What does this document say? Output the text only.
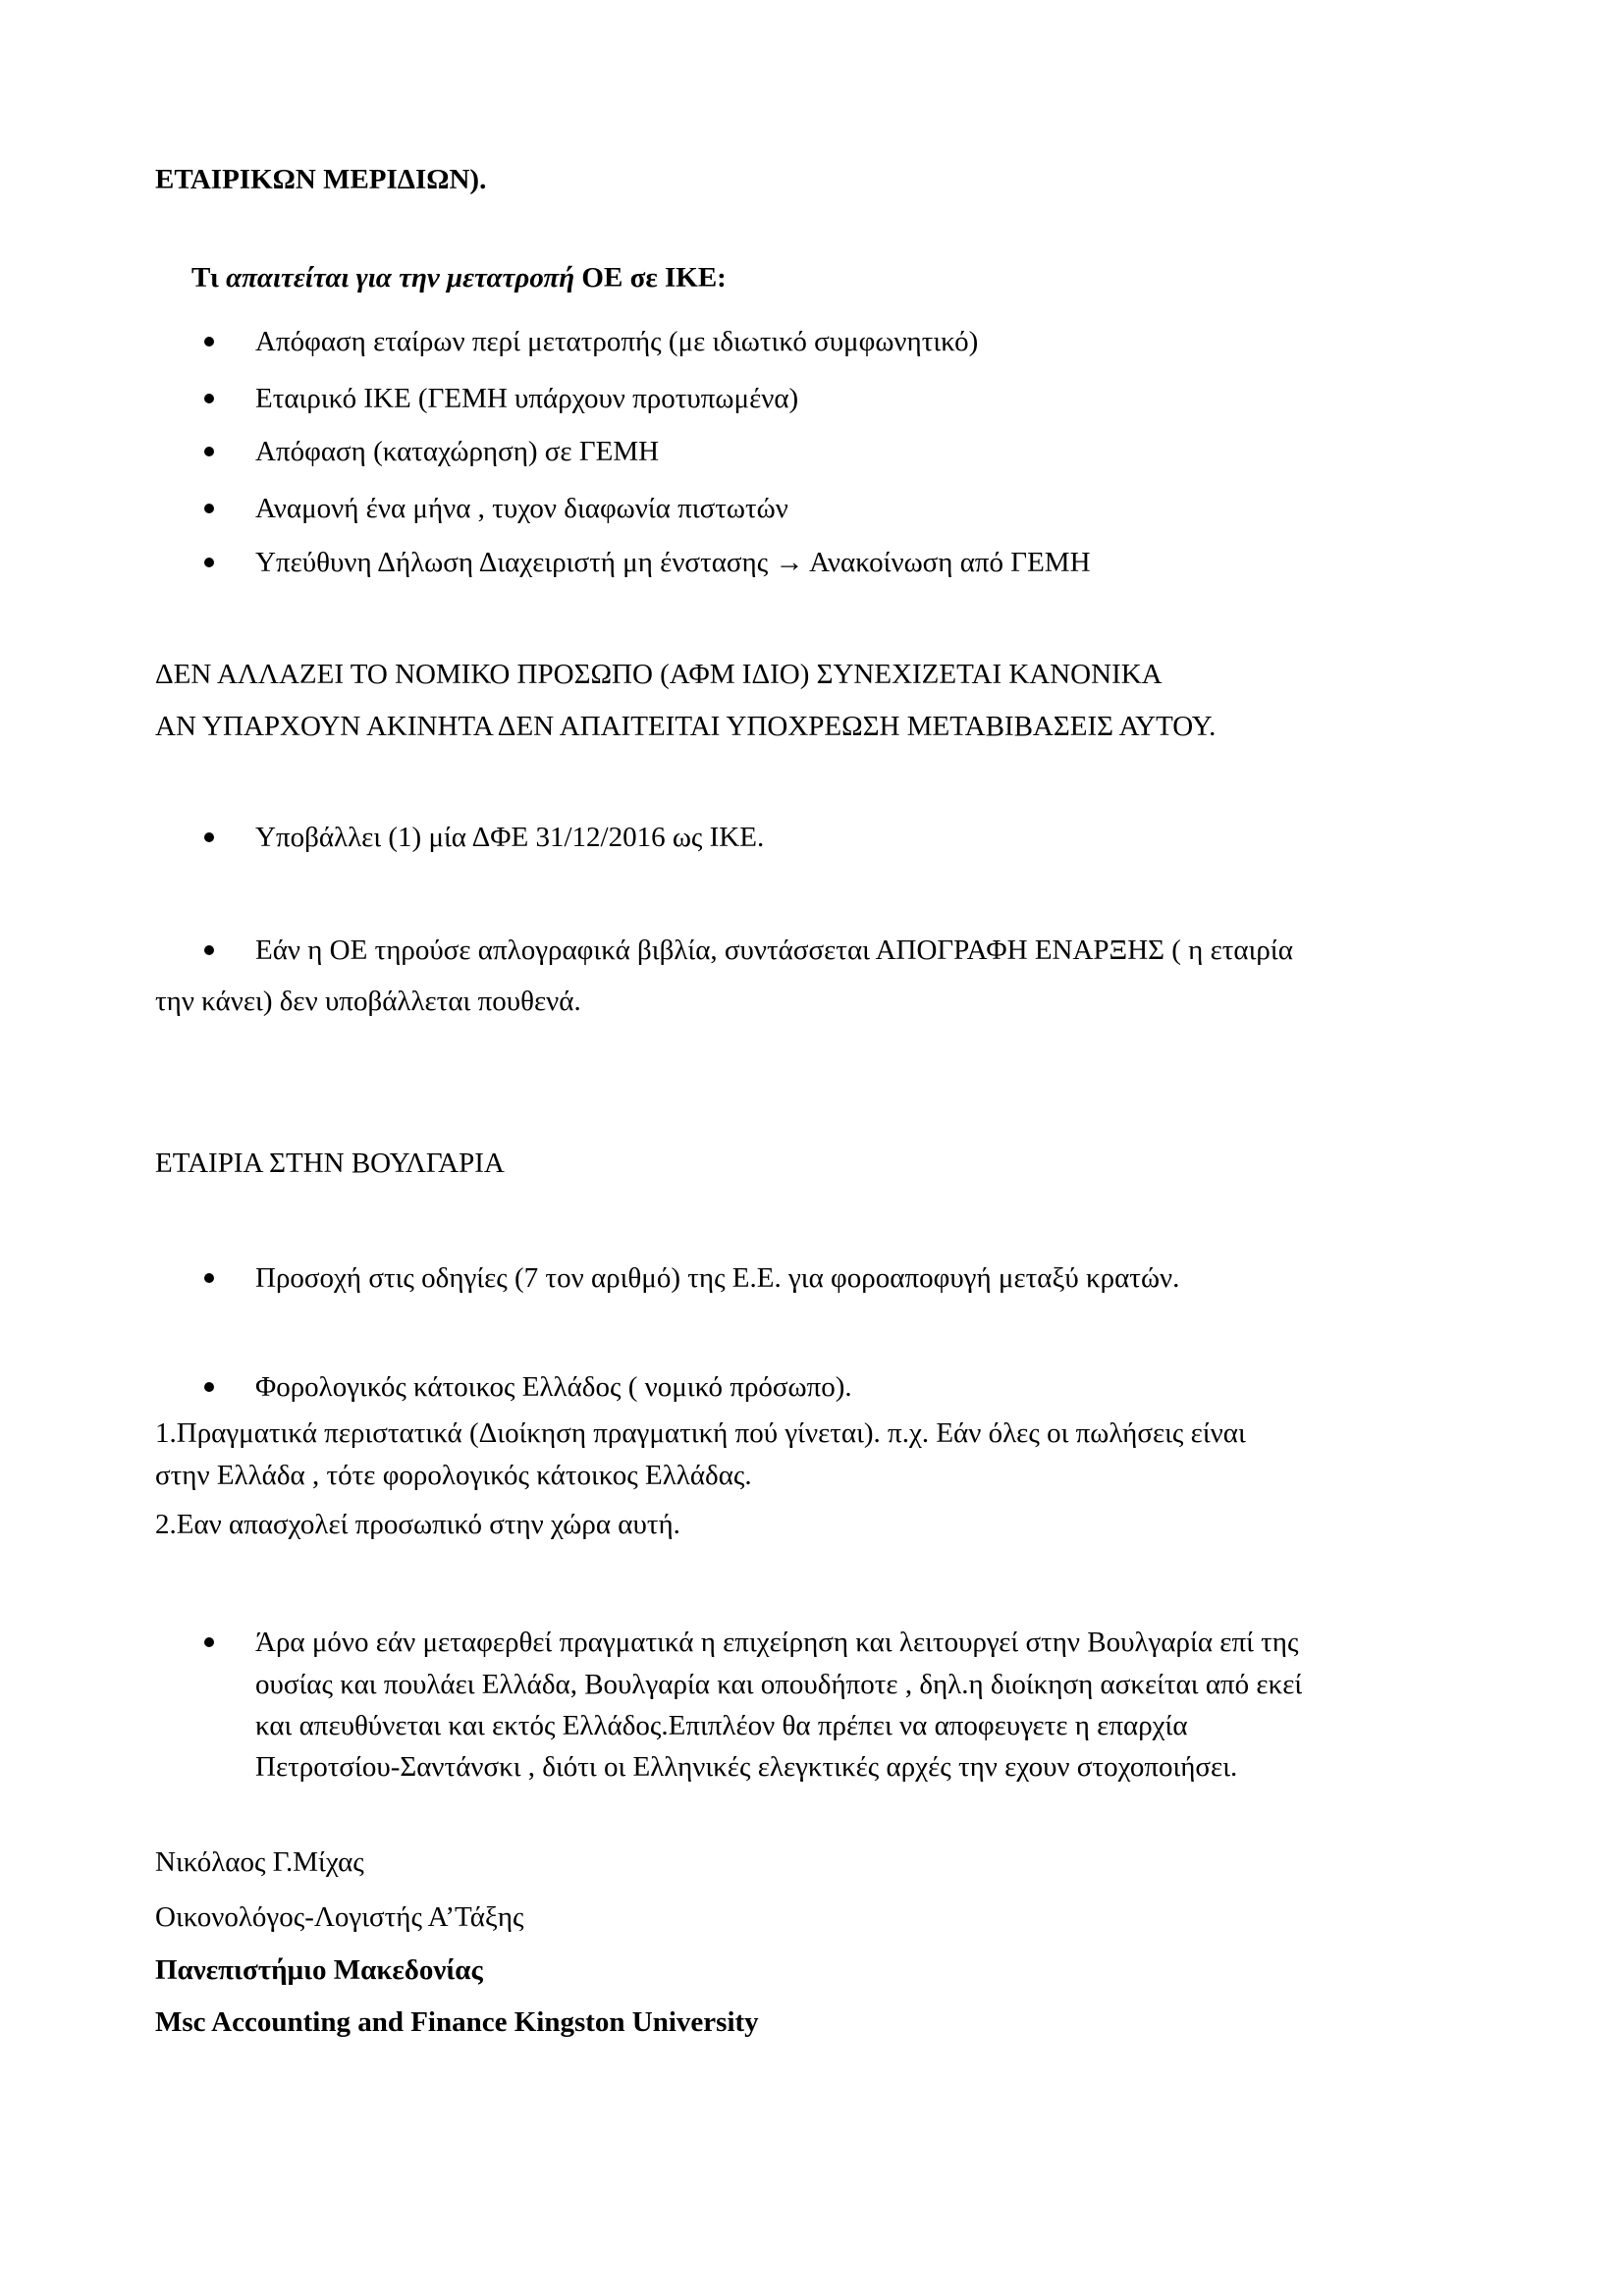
ΕΤΑΙΡΙΚΩΝ ΜΕΡΙΔΙΩΝ).
Τι απαιτείται για την μετατροπή ΟΕ σε ΙΚΕ:
Απόφαση εταίρων περί μετατροπής (με ιδιωτικό συμφωνητικό)
Εταιρικό ΙΚΕ (ΓΕΜΗ υπάρχουν προτυπωμένα)
Απόφαση (καταχώρηση) σε ΓΕΜΗ
Αναμονή ένα μήνα , τυχον διαφωνία πιστωτών
Υπεύθυνη Δήλωση Διαχειριστή μη ένστασης → Ανακοίνωση από ΓΕΜΗ
ΔΕΝ ΑΛΛΑΖΕΙ ΤΟ ΝΟΜΙΚΟ ΠΡΟΣΩΠΟ (ΑΦΜ ΙΔΙΟ) ΣΥΝΕΧΙΖΕΤΑΙ ΚΑΝΟΝΙΚΑ
ΑΝ ΥΠΑΡΧΟΥΝ ΑΚΙΝΗΤΑ ΔΕΝ ΑΠΑΙΤΕΙΤΑΙ ΥΠΟΧΡΕΩΣΗ ΜΕΤΑΒΙΒΑΣΕΙΣ ΑΥΤΟΥ.
Υποβάλλει (1) μία ΔΦΕ 31/12/2016 ως ΙΚΕ.
Εάν η ΟΕ τηρούσε απλογραφικά βιβλία, συντάσσεται ΑΠΟΓΡΑΦΗ ΕΝΑΡΞΗΣ ( η εταιρία
την κάνει) δεν υποβάλλεται πουθενά.
ΕΤΑΙΡΙΑ ΣΤΗΝ ΒΟΥΛΓΑΡΙΑ
Προσοχή στις οδηγίες (7 τον αριθμό) της Ε.Ε. για φοροαποφυγή μεταξύ κρατών.
Φορολογικός κάτοικος Ελλάδος ( νομικό πρόσωπο).
1.Πραγματικά περιστατικά (Διοίκηση πραγματική πού γίνεται). π.χ. Εάν όλες οι πωλήσεις είναι
στην Ελλάδα , τότε φορολογικός κάτοικος Ελλάδας.
2.Εαν απασχολεί προσωπικό στην χώρα αυτή.
Άρα μόνο εάν μεταφερθεί πραγματικά η επιχείρηση και λειτουργεί στην Βουλγαρία επί της
ουσίας και πουλάει Ελλάδα, Βουλγαρία και οπουδήποτε , δηλ.η διοίκηση ασκείται από εκεί
και απευθύνεται και εκτός Ελλάδος.Επιπλέον θα πρέπει να αποφευγετε η επαρχία
Πετροτσίου-Σαντάνσκι , διότι οι Ελληνικές ελεγκτικές αρχές την εχουν στοχοποιήσει.
Νικόλαος Γ.Μίχας
Οικονολόγος-Λογιστής Α’Τάξης
Πανεπιστήμιο Μακεδονίας
Msc Accounting and Finance Kingston University
